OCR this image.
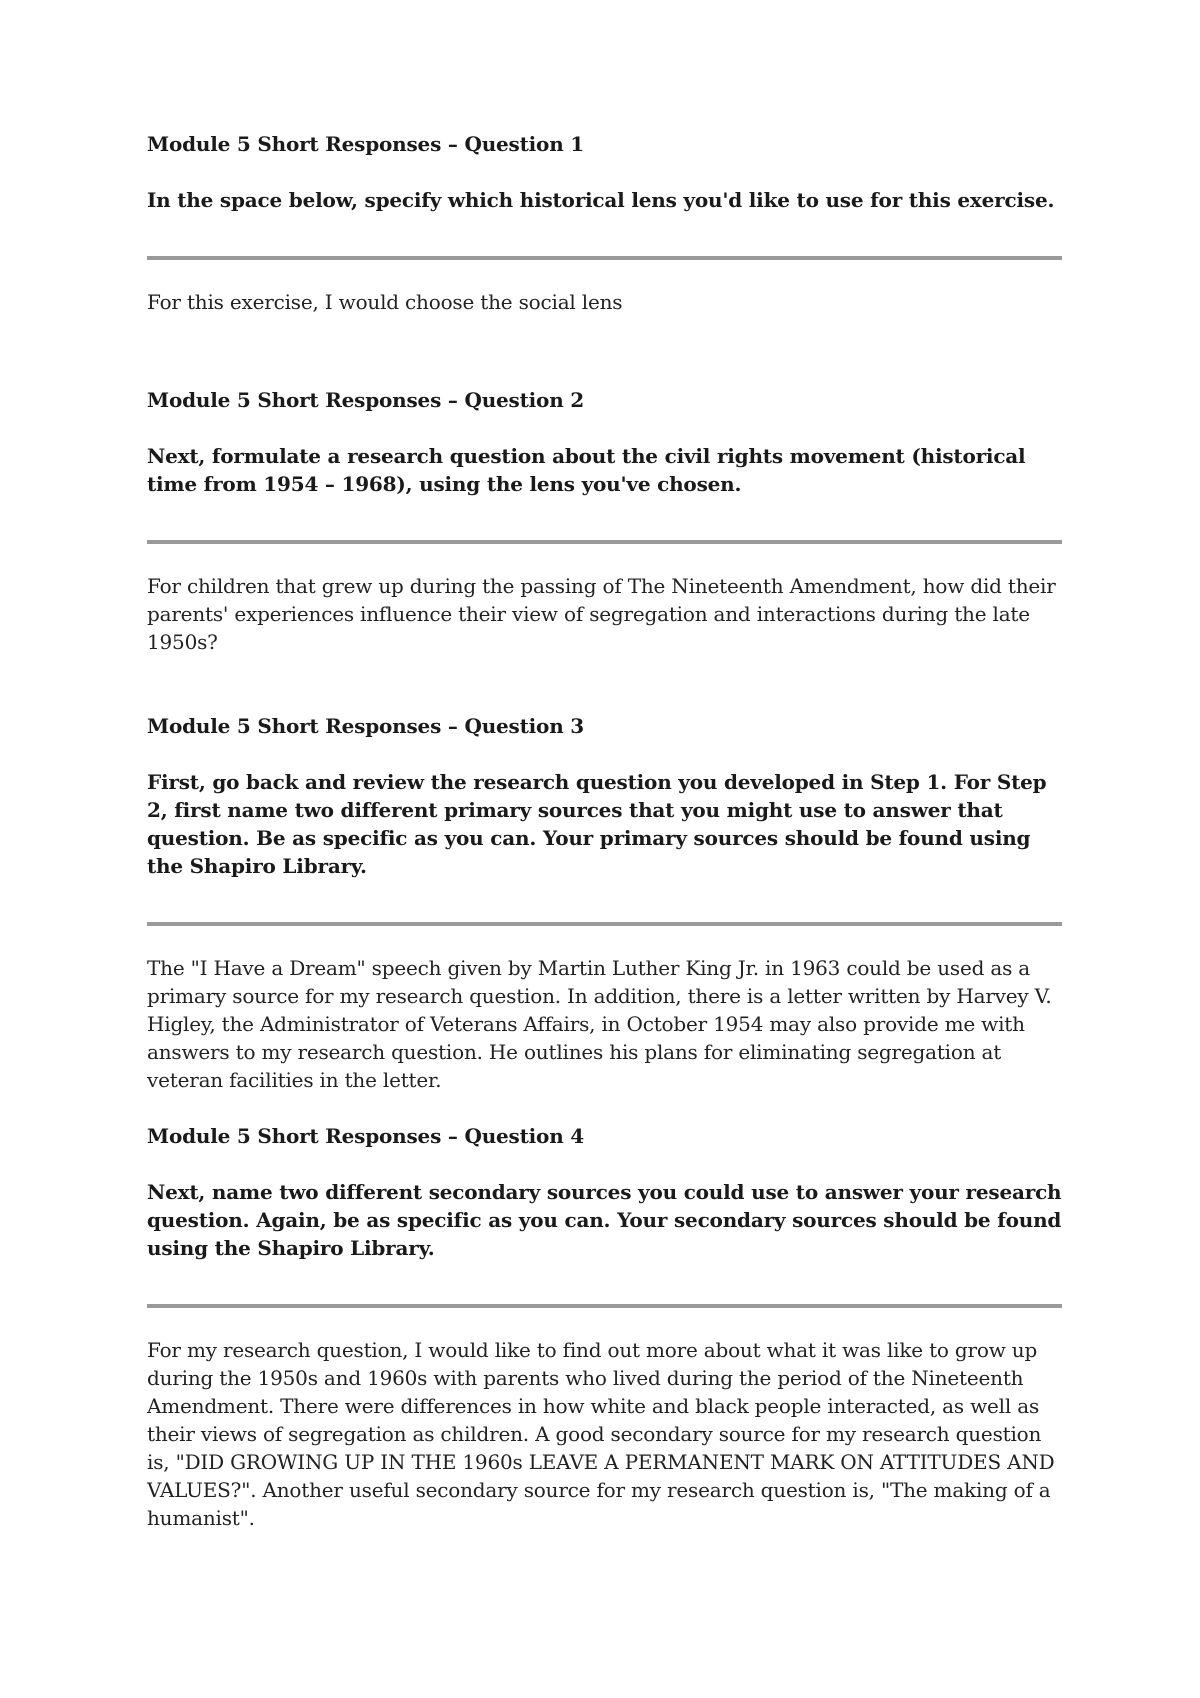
Module 5 Short Responses – Question 1

In the space below, specify which historical lens you'd like to use for this exercise.

For this exercise, I would choose the social lens

Module 5 Short Responses – Question 2

Next, formulate a research question about the civil rights movement (historical time from 1954 – 1968), using the lens you've chosen.

For children that grew up during the passing of The Nineteenth Amendment, how did their parents' experiences influence their view of segregation and interactions during the late 1950s?

Module 5 Short Responses – Question 3

First, go back and review the research question you developed in Step 1. For Step 2, first name two different primary sources that you might use to answer that question. Be as specific as you can. Your primary sources should be found using the Shapiro Library.

The "I Have a Dream" speech given by Martin Luther King Jr. in 1963 could be used as a primary source for my research question. In addition, there is a letter written by Harvey V. Higley, the Administrator of Veterans Affairs, in October 1954 may also provide me with answers to my research question. He outlines his plans for eliminating segregation at veteran facilities in the letter.

Module 5 Short Responses – Question 4

Next, name two different secondary sources you could use to answer your research question. Again, be as specific as you can. Your secondary sources should be found using the Shapiro Library.

For my research question, I would like to find out more about what it was like to grow up during the 1950s and 1960s with parents who lived during the period of the Nineteenth Amendment. There were differences in how white and black people interacted, as well as their views of segregation as children. A good secondary source for my research question is, "DID GROWING UP IN THE 1960s LEAVE A PERMANENT MARK ON ATTITUDES AND VALUES?". Another useful secondary source for my research question is, "The making of a humanist".
